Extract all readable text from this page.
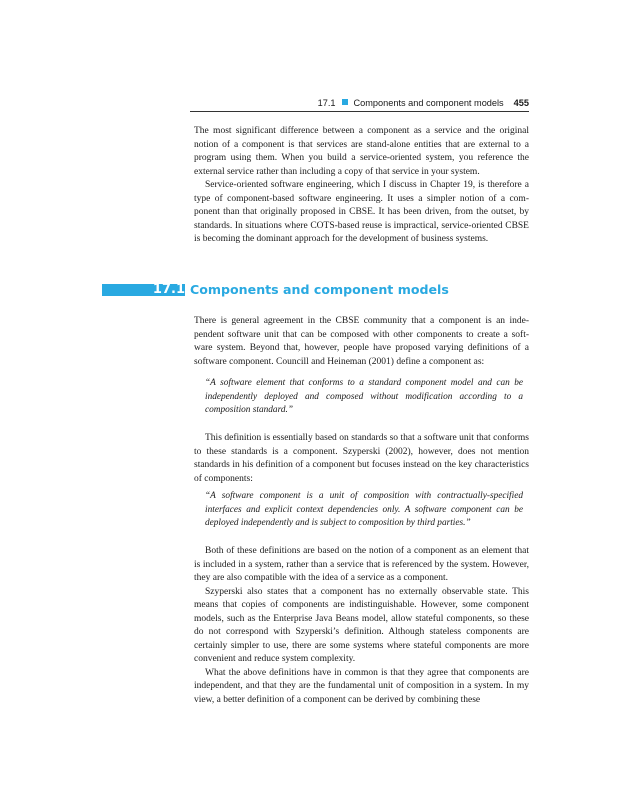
17.1 Components and component models 455

The most significant difference between a component as a service and the original notion of a component is that services are stand-alone entities that are external to a program using them. When you build a service-oriented system, you reference the external service rather than including a copy of that service in your system.

Service-oriented software engineering, which I discuss in Chapter 19, is therefore a type of component-based software engineering. It uses a simpler notion of a com-ponent than that originally proposed in CBSE. It has been driven, from the outset, by standards. In situations where COTS-based reuse is impractical, service-oriented CBSE is becoming the dominant approach for the development of business systems.

17.1 Components and component models

There is general agreement in the CBSE community that a component is an inde-pendent software unit that can be composed with other components to create a soft-ware system. Beyond that, however, people have proposed varying definitions of a software component. Councill and Heineman (2001) define a component as:

“A software element that conforms to a standard component model and can be independently deployed and composed without modification according to a composition standard.”

This definition is essentially based on standards so that a software unit that conforms to these standards is a component. Szyperski (2002), however, does not mention standards in his definition of a component but focuses instead on the key characteristics of components:

“A software component is a unit of composition with contractually-specified interfaces and explicit context dependencies only. A software component can be deployed independently and is subject to composition by third parties.”

Both of these definitions are based on the notion of a component as an element that is included in a system, rather than a service that is referenced by the system. However, they are also compatible with the idea of a service as a component.

Szyperski also states that a component has no externally observable state. This means that copies of components are indistinguishable. However, some component models, such as the Enterprise Java Beans model, allow stateful components, so these do not correspond with Szyperski’s definition. Although stateless components are certainly simpler to use, there are some systems where stateful components are more convenient and reduce system complexity.

What the above definitions have in common is that they agree that components are independent, and that they are the fundamental unit of composition in a system. In my view, a better definition of a component can be derived by combining these
